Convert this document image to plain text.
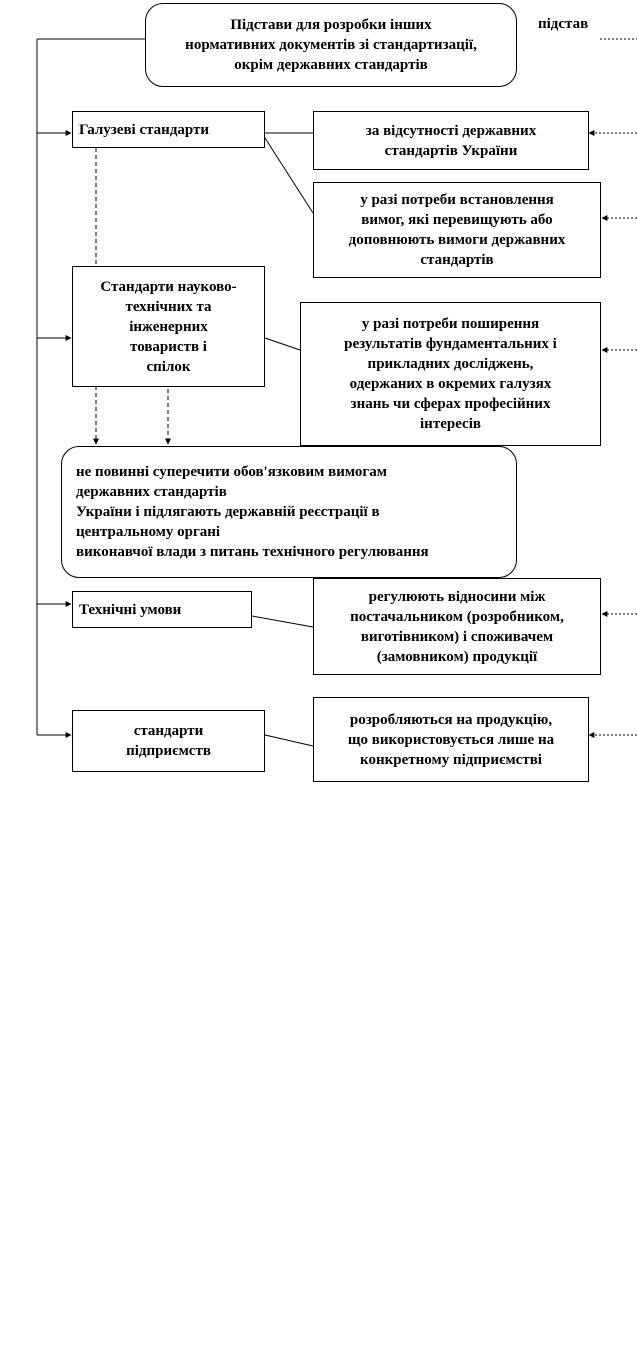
Підстави для розробки інших
нормативних документів зі стандартизації,
окрім державних стандартів
підстав
Галузеві стандарти
Стандарти науково-
технічних та
інженерних
товариств і
спілок
Технічні умови
стандарти
підприємств
за відсутності державних
стандартів України
у разі потреби встановлення
вимог, які перевищують або
доповнюють вимоги державних
стандартів
у разі потреби поширення
результатів фундаментальних і
прикладних досліджень,
одержаних в окремих галузях
знань чи сферах професійних
інтересів
регулюють відносини між
постачальником (розробником,
виготівником) і споживачем
(замовником) продукції
розробляються на продукцію,
що використовується лише на
конкретному підприємстві
не повинні суперечити обов'язковим вимогам
державних стандартів
України і підлягають державній реєстрації в
центральному органі
виконавчої влади з питань технічного регулювання
